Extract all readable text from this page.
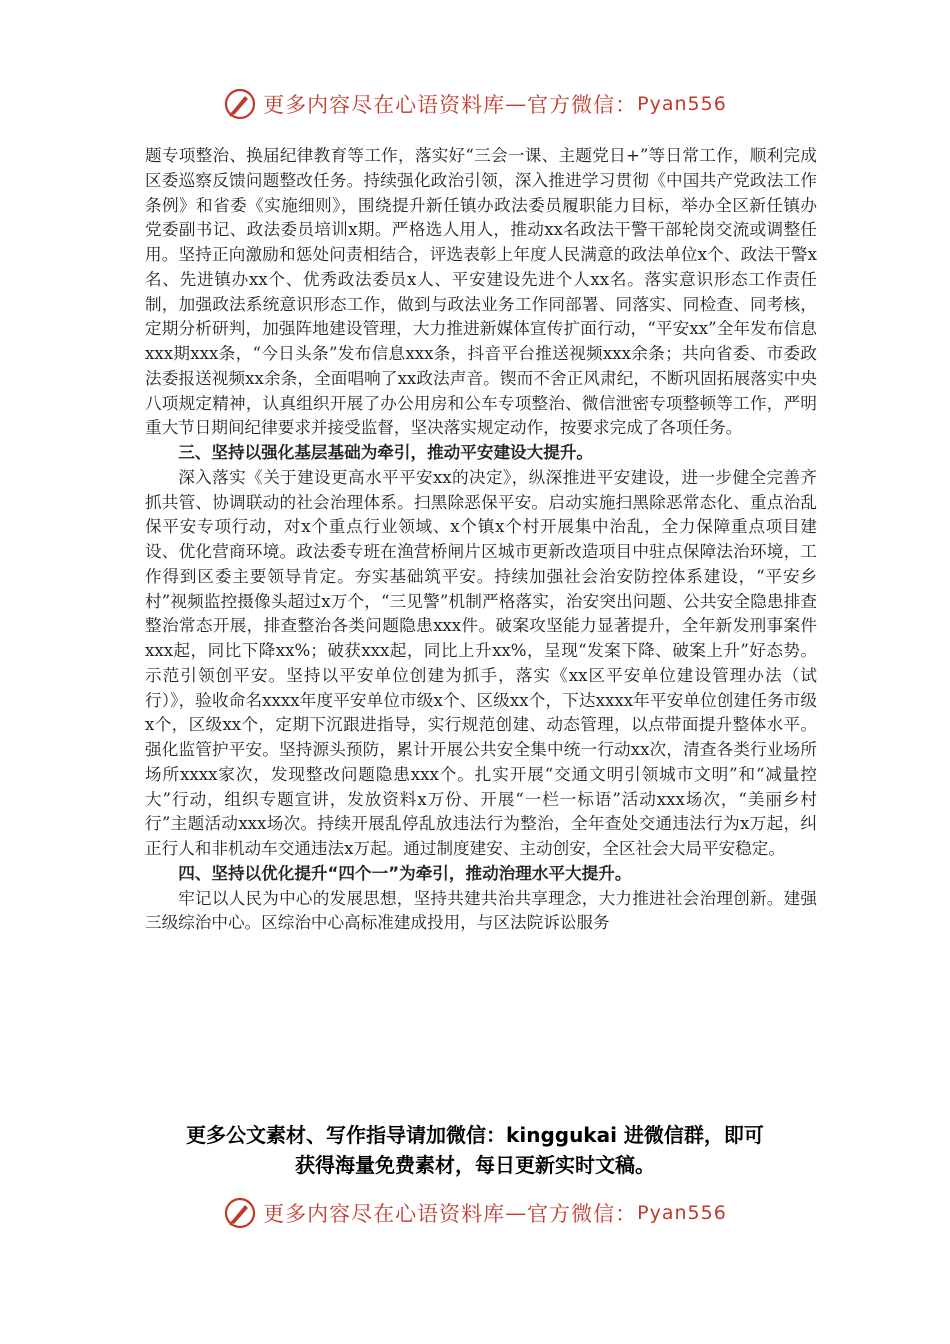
更多内容尽在心语资料库 — 官方微信： Pyan556

题专项整治、换届纪律教育等工作，落实好“三会一课、主题党日+”等日常工作，顺利完成区委巡察反馈问题整改任务。持续强化政治引领，深入推进学习贯彻《中国共产党政法工作条例》和省委《实施细则》，围绕提升新任镇办政法委员履职能力目标，举办全区新任镇办党委副书记、政法委员培训x期。严格选人用人，推动xx名政法干警干部轮岗交流或调整任用。坚持正向激励和惩处问责相结合，评选表彰上年度人民满意的政法单位x个、政法干警x名、先进镇办xx个、优秀政法委员x人、平安建设先进个人xx名。落实意识形态工作责任制，加强政法系统意识形态工作，做到与政法业务工作同部署、同落实、同检查、同考核，定期分析研判，加强阵地建设管理，大力推进新媒体宣传扩面行动，“平安xx”全年发布信息xxx期xxx条，“今日头条”发布信息xxx条，抖音平台推送视频xxx余条；共向省委、市委政法委报送视频xx余条，全面唱响了xx政法声音。锲而不舍正风肃纪，不断巩固拓展落实中央八项规定精神，认真组织开展了办公用房和公车专项整治、微信泄密专项整顿等工作，严明重大节日期间纪律要求并接受监督，坚决落实规定动作，按要求完成了各项任务。

三、坚持以强化基层基础为牵引，推动平安建设大提升。

深入落实《关于建设更高水平平安xx的决定》，纵深推进平安建设，进一步健全完善齐抓共管、协调联动的社会治理体系。扫黑除恶保平安。启动实施扫黑除恶常态化、重点治乱保平安专项行动，对x个重点行业领域、x个镇x个村开展集中治乱，全力保障重点项目建设、优化营商环境。政法委专班在渔营桥闸片区城市更新改造项目中驻点保障法治环境，工作得到区委主要领导肯定。夯实基础筑平安。持续加强社会治安防控体系建设，“平安乡村”视频监控摄像头超过x万个，“三见警”机制严格落实，治安突出问题、公共安全隐患排查整治常态开展，排查整治各类问题隐患xxx件。破案攻坚能力显著提升，全年新发刑事案件xxx起，同比下降xx%；破获xxx起，同比上升xx%，呈现“发案下降、破案上升”好态势。示范引领创平安。坚持以平安单位创建为抓手，落实《xx区平安单位建设管理办法（试行）》，验收命名xxxx年度平安单位市级x个、区级xx个，下达xxxx年平安单位创建任务市级x个，区级xx个，定期下沉跟进指导，实行规范创建、动态管理，以点带面提升整体水平。强化监管护平安。坚持源头预防，累计开展公共安全集中统一行动xx次，清查各类行业场所场所xxxx家次，发现整改问题隐患xxx个。扎实开展“交通文明引领城市文明”和“减量控大”行动，组织专题宣讲，发放资料x万份、开展“一栏一标语”活动xxx场次，“美丽乡村行”主题活动xxx场次。持续开展乱停乱放违法行为整治，全年查处交通违法行为x万起，纠正行人和非机动车交通违法x万起。通过制度建安、主动创安，全区社会大局平安稳定。

四、坚持以优化提升“四个一”为牵引，推动治理水平大提升。

牢记以人民为中心的发展思想，坚持共建共治共享理念，大力推进社会治理创新。建强三级综治中心。区综治中心高标准建成投用，与区法院诉讼服务

更多公文素材、写作指导请加微信：kinggukai 进微信群，即可
获得海量免费素材，每日更新实时文稿。
更多内容尽在心语资料库 — 官方微信： Pyan556
